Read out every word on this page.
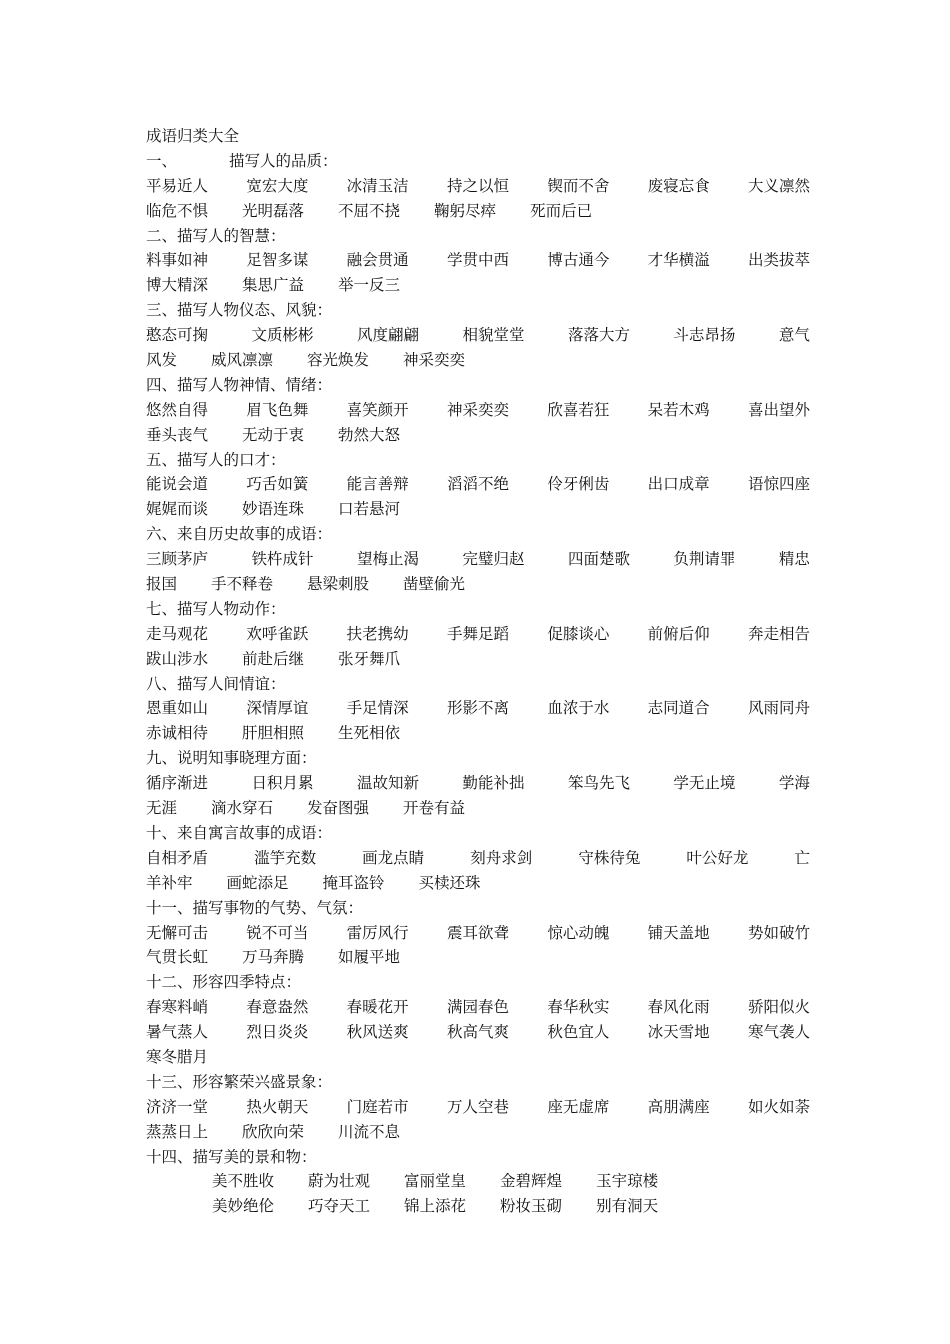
成语归类大全
一、	描写人的品质：
平易近人 宽宏大度 冰清玉洁 持之以恒 锲而不舍 废寝忘食 大义凛然
临危不惧 光明磊落 不屈不挠 鞠躬尽瘁 死而后已
二、描写人的智慧：
料事如神 足智多谋 融会贯通 学贯中西 博古通今 才华横溢 出类拔萃
博大精深 集思广益 举一反三
三、描写人物仪态、风貌：
憨态可掬	文质彬彬	风度翩翩	相貌堂堂	落落大方	斗志昂扬	意气
风发 威风凛凛 容光焕发 神采奕奕
四、描写人物神情、情绪：
悠然自得 眉飞色舞 喜笑颜开 神采奕奕 欣喜若狂 呆若木鸡 喜出望外
垂头丧气 无动于衷 勃然大怒
五、描写人的口才：
能说会道 巧舌如簧 能言善辩 滔滔不绝 伶牙俐齿 出口成章 语惊四座
娓娓而谈 妙语连珠 口若悬河
六、来自历史故事的成语：
三顾茅庐	铁杵成针	望梅止渴	完璧归赵	四面楚歌	负荆请罪	精忠
报国 手不释卷 悬梁刺股 凿壁偷光
七、描写人物动作：
走马观花 欢呼雀跃 扶老携幼 手舞足蹈 促膝谈心 前俯后仰 奔走相告
跋山涉水 前赴后继 张牙舞爪
八、描写人间情谊：
恩重如山 深情厚谊 手足情深 形影不离 血浓于水 志同道合 风雨同舟
赤诚相待 肝胆相照 生死相依
九、说明知事晓理方面：
循序渐进	日积月累	温故知新	勤能补拙	笨鸟先飞	学无止境	学海
无涯 滴水穿石 发奋图强 开卷有益
十、来自寓言故事的成语：
自相矛盾	滥竽充数	画龙点睛	刻舟求剑	守株待兔	叶公好龙	亡
羊补牢 画蛇添足 掩耳盗铃 买椟还珠
十一、描写事物的气势、气氛：
无懈可击 锐不可当 雷厉风行 震耳欲聋 惊心动魄 铺天盖地 势如破竹
气贯长虹 万马奔腾 如履平地
十二、形容四季特点：
春寒料峭 春意盎然 春暖花开 满园春色 春华秋实 春风化雨 骄阳似火
暑气蒸人 烈日炎炎 秋风送爽 秋高气爽 秋色宜人 冰天雪地 寒气袭人
寒冬腊月
十三、形容繁荣兴盛景象：
济济一堂 热火朝天 门庭若市 万人空巷 座无虚席 高朋满座 如火如荼
蒸蒸日上 欣欣向荣 川流不息
十四、描写美的景和物：
美不胜收 蔚为壮观 富丽堂皇 金碧辉煌 玉宇琼楼
美妙绝伦 巧夺天工 锦上添花 粉妆玉砌 别有洞天
